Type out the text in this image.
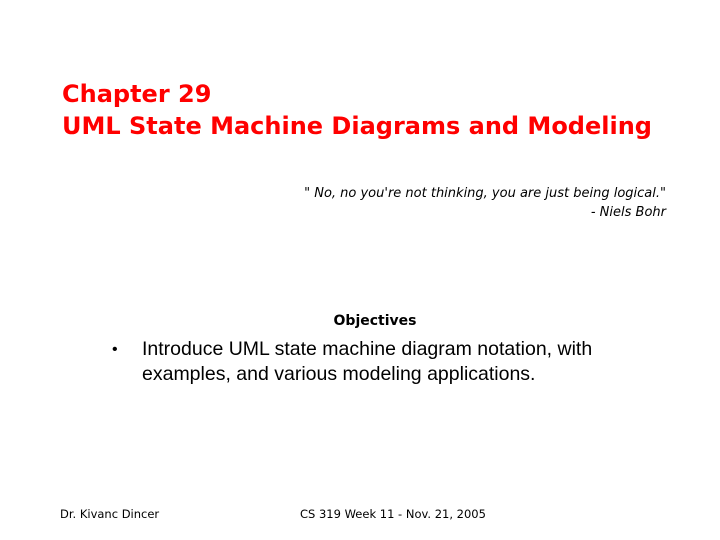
Chapter 29
UML State Machine Diagrams and Modeling
" No, no you're not thinking, you are just being logical."
- Niels Bohr
Objectives
•	Introduce UML state machine diagram notation, with examples, and various modeling applications.
Dr. Kivanc Dincer	CS 319 Week 11 - Nov. 21, 2005
